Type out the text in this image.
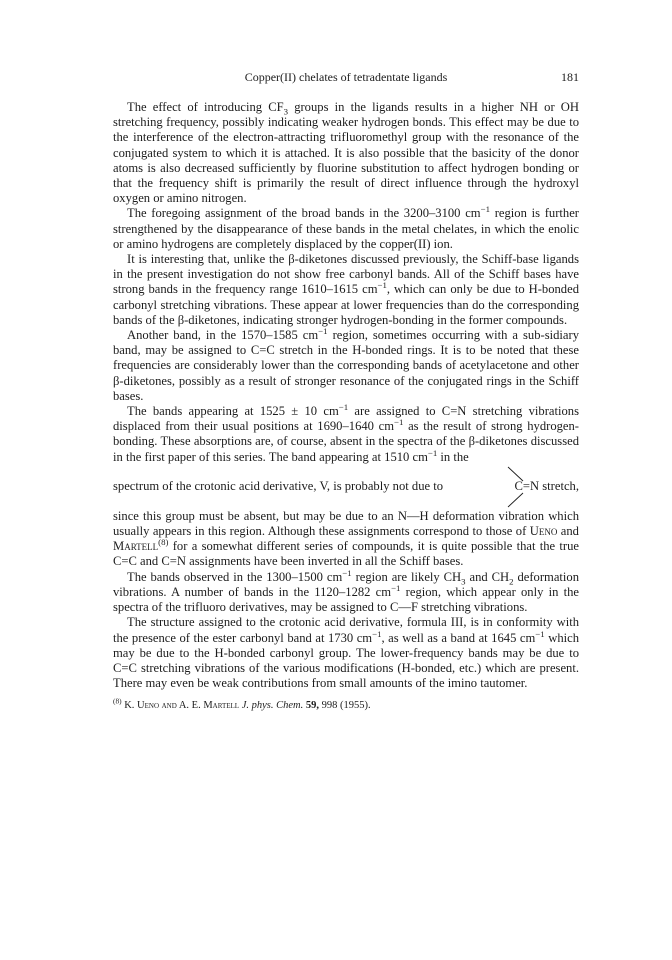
Copper(II) chelates of tetradentate ligands	181

The effect of introducing $CF_3$ groups in the ligands results in a higher NH or OH stretching frequency, possibly indicating weaker hydrogen bonds. This effect may be due to the interference of the electron-attracting trifluoromethyl group with the resonance of the conjugated system to which it is attached. It is also possible that the basicity of the donor atoms is also decreased sufficiently by fluorine substitution to affect hydrogen bonding or that the frequency shift is primarily the result of direct influence through the hydroxyl oxygen or amino nitrogen.

The foregoing assignment of the broad bands in the 3200–3100 $cm^{-1}$ region is further strengthened by the disappearance of these bands in the metal chelates, in which the enolic or amino hydrogens are completely displaced by the copper(II) ion.

It is interesting that, unlike the β-diketones discussed previously, the Schiff-base ligands in the present investigation do not show free carbonyl bands. All of the Schiff bases have strong bands in the frequency range 1610–1615 $cm^{-1}$, which can only be due to H-bonded carbonyl stretching vibrations. These appear at lower frequencies than do the corresponding bands of the β-diketones, indicating stronger hydrogen-bonding in the former compounds.

Another band, in the 1570–1585 $cm^{-1}$ region, sometimes occurring with a sub-sidiary band, may be assigned to C=C stretch in the H-bonded rings. It is to be noted that these frequencies are considerably lower than the corresponding bands of acetylacetone and other β-diketones, possibly as a result of stronger resonance of the conjugated rings in the Schiff bases.

The bands appearing at 1525 ± 10 $cm^{-1}$ are assigned to C=N stretching vibrations displaced from their usual positions at 1690–1640 $cm^{-1}$ as the result of strong hydrogen-bonding. These absorptions are, of course, absent in the spectra of the β-diketones discussed in the first paper of this series. The band appearing at 1510 $cm^{-1}$ in the

spectrum of the crotonic acid derivative, V, is probably not due to	C=N stretch,

since this group must be absent, but may be due to an N—H deformation vibration which usually appears in this region. Although these assignments correspond to those of Ueno and Martell$^{(8)}$ for a somewhat different series of compounds, it is quite possible that the true C=C and C=N assignments have been inverted in all the Schiff bases.

The bands observed in the 1300–1500 $cm^{-1}$ region are likely $CH_3$ and $CH_2$ deformation vibrations. A number of bands in the 1120–1282 $cm^{-1}$ region, which appear only in the spectra of the trifluoro derivatives, may be assigned to C—F stretching vibrations.

The structure assigned to the crotonic acid derivative, formula III, is in conformity with the presence of the ester carbonyl band at 1730 $cm^{-1}$, as well as a band at 1645 $cm^{-1}$ which may be due to the H-bonded carbonyl group. The lower-frequency bands may be due to C=C stretching vibrations of the various modifications (H-bonded, etc.) which are present. There may even be weak contributions from small amounts of the imino tautomer.

$^{(8)}$ K. Ueno and A. E. Martell J. phys. Chem. 59, 998 (1955).
